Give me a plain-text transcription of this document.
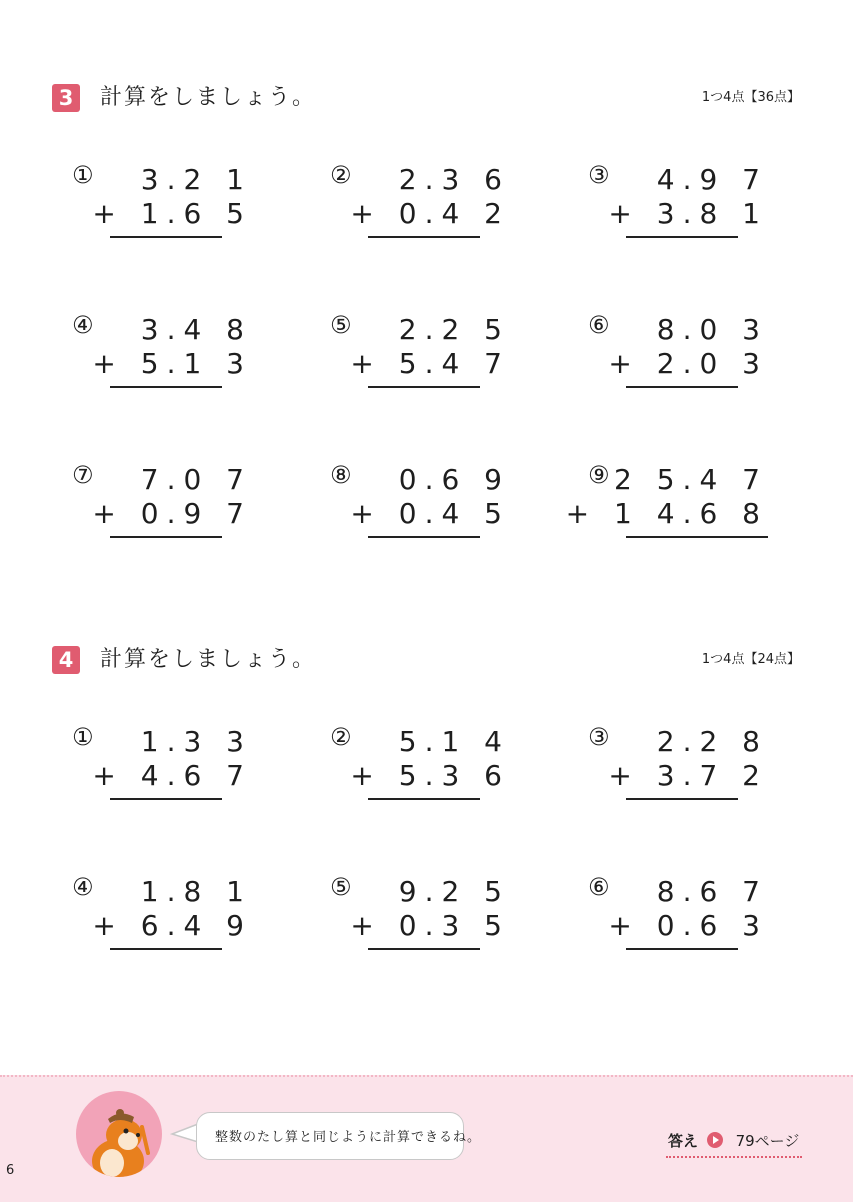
3	計算をしましょう。	1つ4点【36点】
① 3.2 1
+ 1.6 5
② 2.3 6
+ 0.4 2
③ 4.9 7
+ 3.8 1
④ 3.4 8
+ 5.1 3
⑤ 2.2 5
+ 5.4 7
⑥ 8.0 3
+ 2.0 3
⑦ 7.0 7
+ 0.9 7
⑧ 0.6 9
+ 0.4 5
⑨ 2 5.4 7
+ 1 4.6 8
4	計算をしましょう。	1つ4点【24点】
① 1.3 3
+ 4.6 7
② 5.1 4
+ 5.3 6
③ 2.2 8
+ 3.7 2
④ 1.8 1
+ 6.4 9
⑤ 9.2 5
+ 0.3 5
⑥ 8.6 7
+ 0.6 3
整数のたし算と同じように計算できるね。	答え	79ページ
6
